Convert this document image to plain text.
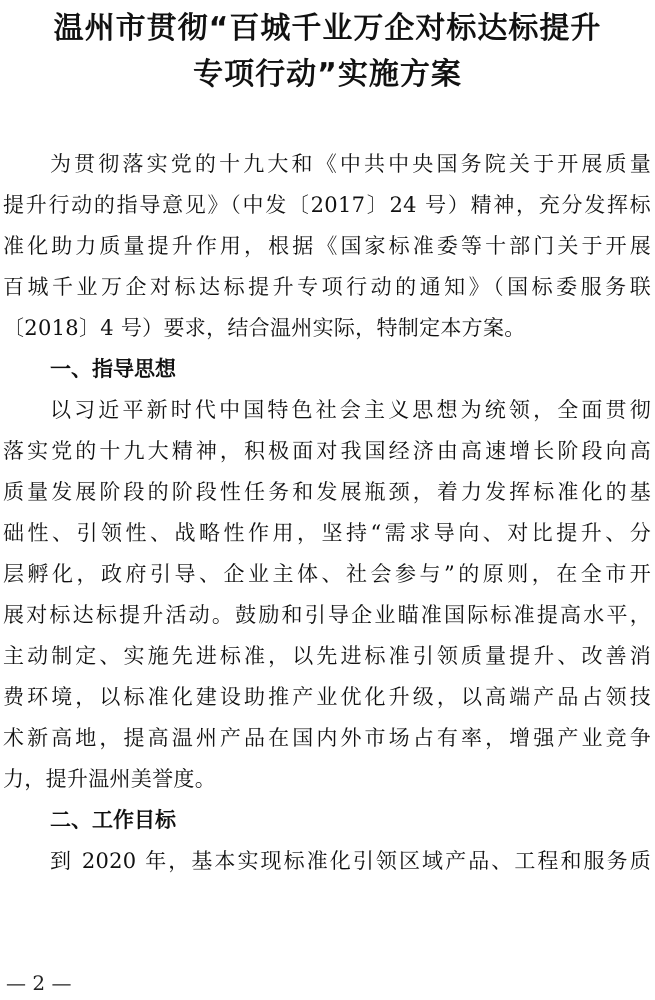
温州市贯彻“百城千业万企对标达标提升
专项行动”实施方案
为贯彻落实党的十九大和《中共中央国务院关于开展质量
提升行动的指导意见》（中发〔2017〕24 号）精神，充分发挥标
准化助力质量提升作用，根据《国家标准委等十部门关于开展
百城千业万企对标达标提升专项行动的通知》（国标委服务联
〔2018〕4 号）要求，结合温州实际，特制定本方案。
一、指导思想
以习近平新时代中国特色社会主义思想为统领，全面贯彻
落实党的十九大精神，积极面对我国经济由高速增长阶段向高
质量发展阶段的阶段性任务和发展瓶颈，着力发挥标准化的基
础性、引领性、战略性作用，坚持“需求导向、对比提升、分
层孵化，政府引导、企业主体、社会参与”的原则，在全市开
展对标达标提升活动。鼓励和引导企业瞄准国际标准提高水平，
主动制定、实施先进标准，以先进标准引领质量提升、改善消
费环境，以标准化建设助推产业优化升级，以高端产品占领技
术新高地，提高温州产品在国内外市场占有率，增强产业竞争
力，提升温州美誉度。
二、工作目标
到 2020 年，基本实现标准化引领区域产品、工程和服务质
— 2 —
